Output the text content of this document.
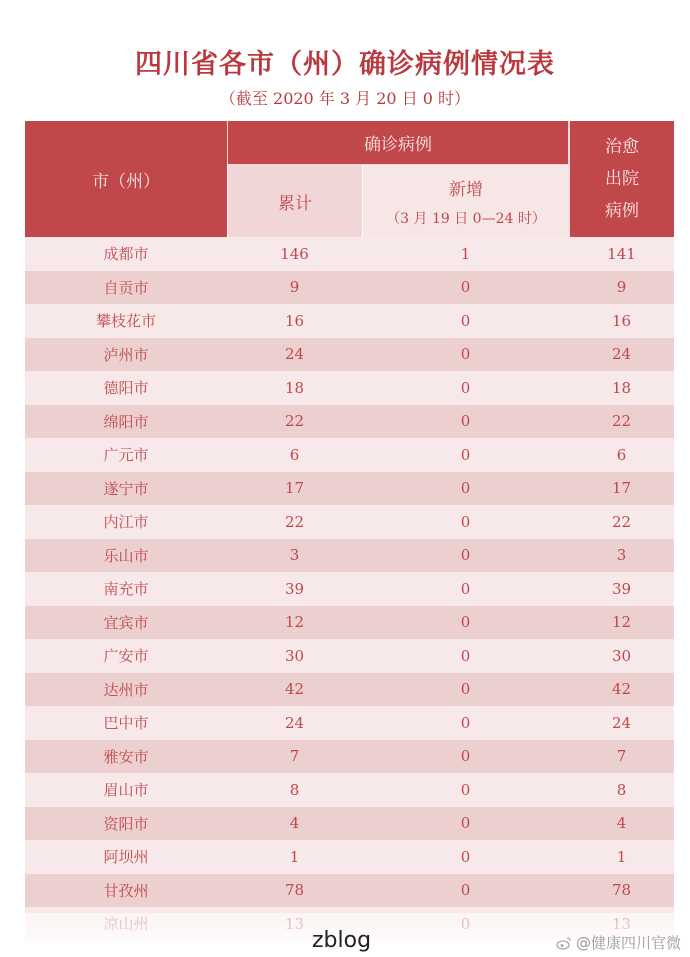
四川省各市（州）确诊病例情况表
（截至 2020 年 3 月 20 日 0 时）
市（州）
确诊病例
累计
新增
（3 月 19 日 0—24 时）
治愈
出院
病例
成都市	146	1	141
自贡市	9	0	9
攀枝花市	16	0	16
泸州市	24	0	24
德阳市	18	0	18
绵阳市	22	0	22
广元市	6	0	6
遂宁市	17	0	17
内江市	22	0	22
乐山市	3	0	3
南充市	39	0	39
宜宾市	12	0	12
广安市	30	0	30
达州市	42	0	42
巴中市	24	0	24
雅安市	7	0	7
眉山市	8	0	8
资阳市	4	0	4
阿坝州	1	0	1
甘孜州	78	0	78
zblog	@健康四川官微
